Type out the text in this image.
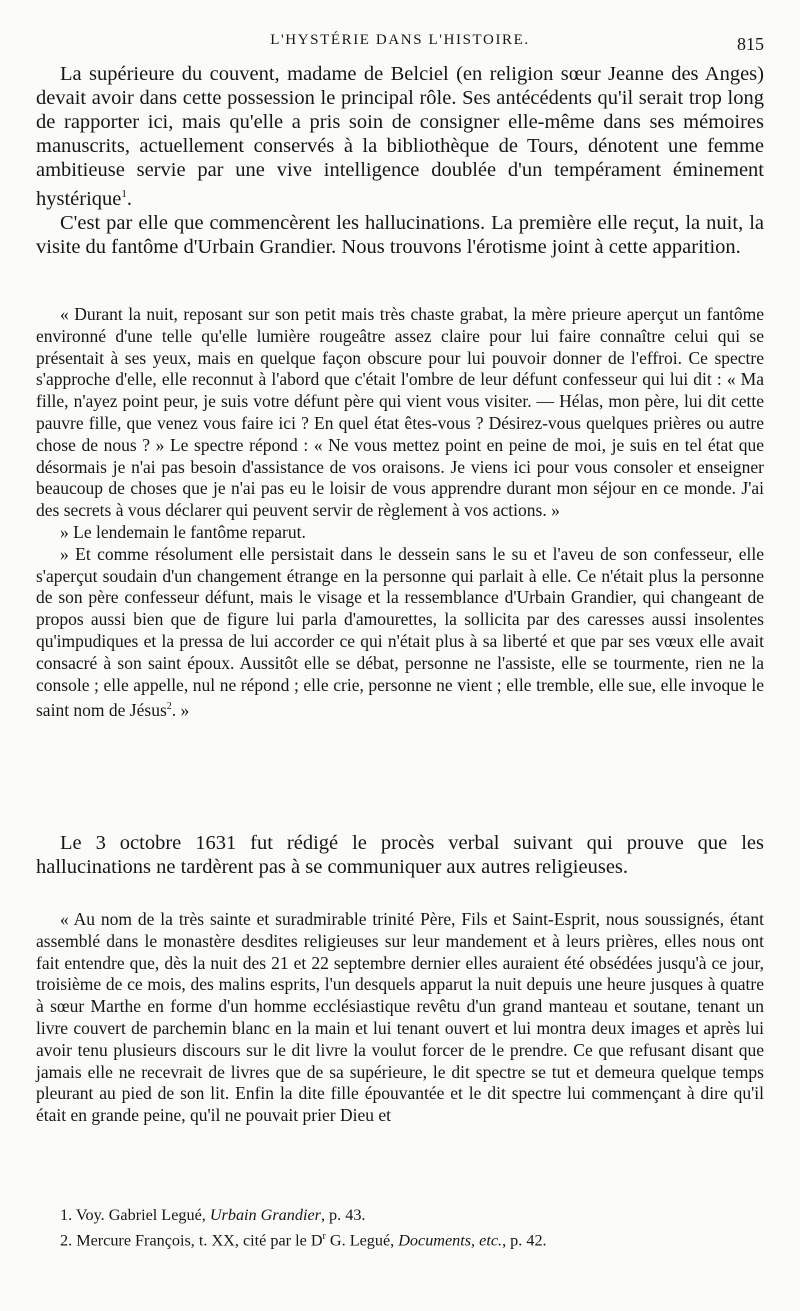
L'HYSTÉRIE DANS L'HISTOIRE.	815

La supérieure du couvent, madame de Belciel (en religion sœur Jeanne des Anges) devait avoir dans cette possession le principal rôle. Ses antécédents qu'il serait trop long de rapporter ici, mais qu'elle a pris soin de consigner elle-même dans ses mémoires manuscrits, actuellement conservés à la bibliothèque de Tours, dénotent une femme ambitieuse servie par une vive intelligence doublée d'un tempérament éminement hystérique$^1$.

C'est par elle que commencèrent les hallucinations. La première elle reçut, la nuit, la visite du fantôme d'Urbain Grandier. Nous trouvons l'érotisme joint à cette apparition.

« Durant la nuit, reposant sur son petit mais très chaste grabat, la mère prieure aperçut un fantôme environné d'une telle qu'elle lumière rougeâtre assez claire pour lui faire connaître celui qui se présentait à ses yeux, mais en quelque façon obscure pour lui pouvoir donner de l'effroi. Ce spectre s'approche d'elle, elle reconnut à l'abord que c'était l'ombre de leur défunt confesseur qui lui dit : « Ma fille, n'ayez point peur, je suis votre défunt père qui vient vous visiter. — Hélas, mon père, lui dit cette pauvre fille, que venez vous faire ici ? En quel état êtes-vous ? Désirez-vous quelques prières ou autre chose de nous ? » Le spectre répond : « Ne vous mettez point en peine de moi, je suis en tel état que désormais je n'ai pas besoin d'assistance de vos oraisons. Je viens ici pour vous consoler et enseigner beaucoup de choses que je n'ai pas eu le loisir de vous apprendre durant mon séjour en ce monde. J'ai des secrets à vous déclarer qui peuvent servir de règlement à vos actions. »

» Le lendemain le fantôme reparut.

» Et comme résolument elle persistait dans le dessein sans le su et l'aveu de son confesseur, elle s'aperçut soudain d'un changement étrange en la personne qui parlait à elle. Ce n'était plus la personne de son père confesseur défunt, mais le visage et la ressemblance d'Urbain Grandier, qui changeant de propos aussi bien que de figure lui parla d'amourettes, la sollicita par des caresses aussi insolentes qu'impudiques et la pressa de lui accorder ce qui n'était plus à sa liberté et que par ses vœux elle avait consacré à son saint époux. Aussitôt elle se débat, personne ne l'assiste, elle se tourmente, rien ne la console ; elle appelle, nul ne répond ; elle crie, personne ne vient ; elle tremble, elle sue, elle invoque le saint nom de Jésus$^2$. »

Le 3 octobre 1631 fut rédigé le procès verbal suivant qui prouve que les hallucinations ne tardèrent pas à se communiquer aux autres religieuses.

« Au nom de la très sainte et suradmirable trinité Père, Fils et Saint-Esprit, nous soussignés, étant assemblé dans le monastère desdites religieuses sur leur mandement et à leurs prières, elles nous ont fait entendre que, dès la nuit des 21 et 22 septembre dernier elles auraient été obsédées jusqu'à ce jour, troisième de ce mois, des malins esprits, l'un desquels apparut la nuit depuis une heure jusques à quatre à sœur Marthe en forme d'un homme ecclésiastique revêtu d'un grand manteau et soutane, tenant un livre couvert de parchemin blanc en la main et lui tenant ouvert et lui montra deux images et après lui avoir tenu plusieurs discours sur le dit livre la voulut forcer de le prendre. Ce que refusant disant que jamais elle ne recevrait de livres que de sa supérieure, le dit spectre se tut et demeura quelque temps pleurant au pied de son lit. Enfin la dite fille épouvantée et le dit spectre lui commençant à dire qu'il était en grande peine, qu'il ne pouvait prier Dieu et

1. Voy. Gabriel Legué, Urbain Grandier, p. 43.
2. Mercure François, t. XX, cité par le $D^r$ G. Legué, Documents, etc., p. 42.
